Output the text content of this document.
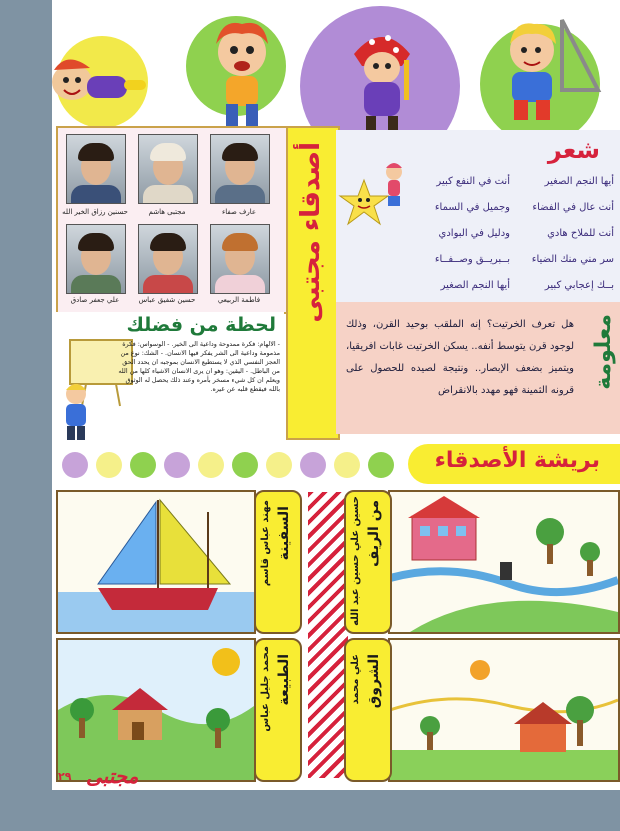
عارف صفاء
مجتبى هاشم
حسنين رزاق الخير الله
فاطمة الربيعي
حسين شفيق عباس
علي جعفر صادق	أصدقاء مجتبى	شعر
أيها النجم الصغير
أنت في النفع كبير
أنت عال في الفضاء
وجميل في السماء
أنت للملاح هادي
ودليل في البوادي
سر مني منك الضياء
بــبريــق وصــفــاء
بــك إعجابي كبير
أيها النجم الصغير
معلومة
هل تعرف الخرتيت؟ إنه الملقب بوحيد القرن، وذلك لوجود قرن يتوسط أنفه.. يسكن الخرتيت غابات افريقيا، ويتميز بضعف الإبصار.. ونتيجة لصيده للحصول على قرونه الثمينة فهو مهدد بالانقراض
لحظة من فضلك
- الالهام: فكرة ممدوحة وداعية الى الخير. - الوسواس: فكرة مذمومة وداعية الى الشر يفكر فيها الانسان. - الشك: نوع من العجز النفسي الذي لا يستطيع الانسان بموجبه ان يحدد الحق من الباطل. - اليقين: وهو ان يرى الانسان الاشياء كلها من الله ويعلم ان كل شيء مسخر بأمره وعند ذلك يحصل له الوثوق بالله فيقطع قلبه عن غيره.
بريشة الأصدقاء
من الريف
حسين علي حسين عبد الله
السفينة
مهند عباس قاسم
الشروق
علي محمد
الطبيعة
محمد جليل عباس
مجتبى
٢٩
